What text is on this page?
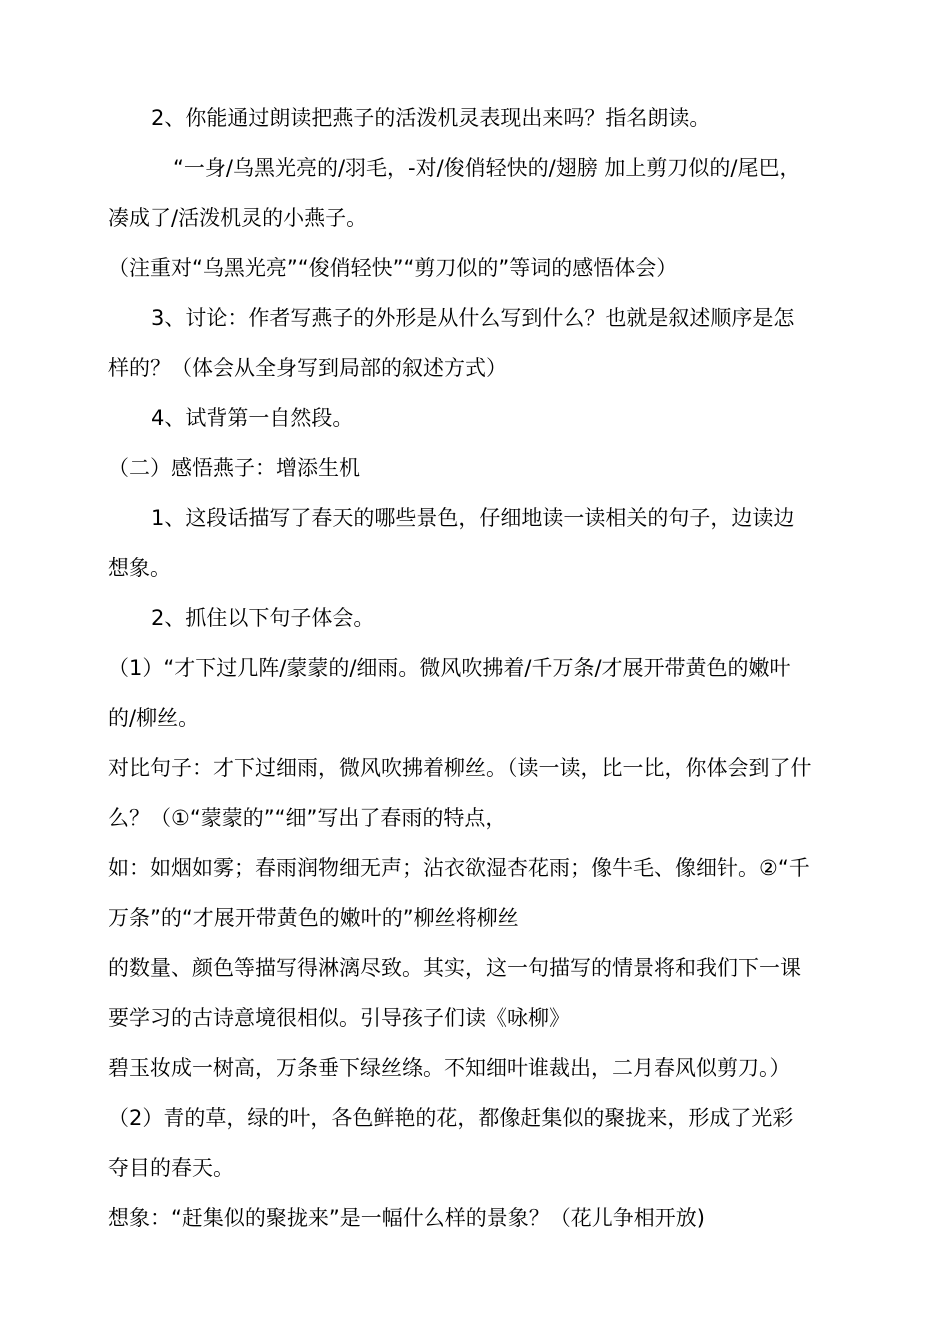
2、你能通过朗读把燕子的活泼机灵表现出来吗？指名朗读。
“一身/乌黑光亮的/羽毛，-对/俊俏轻快的/翅膀 加上剪刀似的/尾巴，
凑成了/活泼机灵的小燕子。
（注重对“乌黑光亮”“俊俏轻快”“剪刀似的”等词的感悟体会）
3、讨论：作者写燕子的外形是从什么写到什么？也就是叙述顺序是怎
样的？（体会从全身写到局部的叙述方式）
4、试背第一自然段。
（二）感悟燕子：增添生机
1、这段话描写了春天的哪些景色，仔细地读一读相关的句子，边读边
想象。
2、抓住以下句子体会。
（1）“才下过几阵/蒙蒙的/细雨。微风吹拂着/千万条/才展开带黄色的嫩叶
的/柳丝。
对比句子：才下过细雨，微风吹拂着柳丝。（读一读，比一比，你体会到了什
么？（①“蒙蒙的”“细”写出了春雨的特点，
如：如烟如雾；春雨润物细无声；沾衣欲湿杏花雨；像牛毛、像细针。②“千
万条”的“才展开带黄色的嫩叶的”柳丝将柳丝
的数量、颜色等描写得淋漓尽致。其实，这一句描写的情景将和我们下一课
要学习的古诗意境很相似。引导孩子们读《咏柳》
碧玉妆成一树高，万条垂下绿丝绦。不知细叶谁裁出，二月春风似剪刀。）
（2）青的草，绿的叶，各色鲜艳的花，都像赶集似的聚拢来，形成了光彩
夺目的春天。
想象：“赶集似的聚拢来”是一幅什么样的景象？（花儿争相开放)
